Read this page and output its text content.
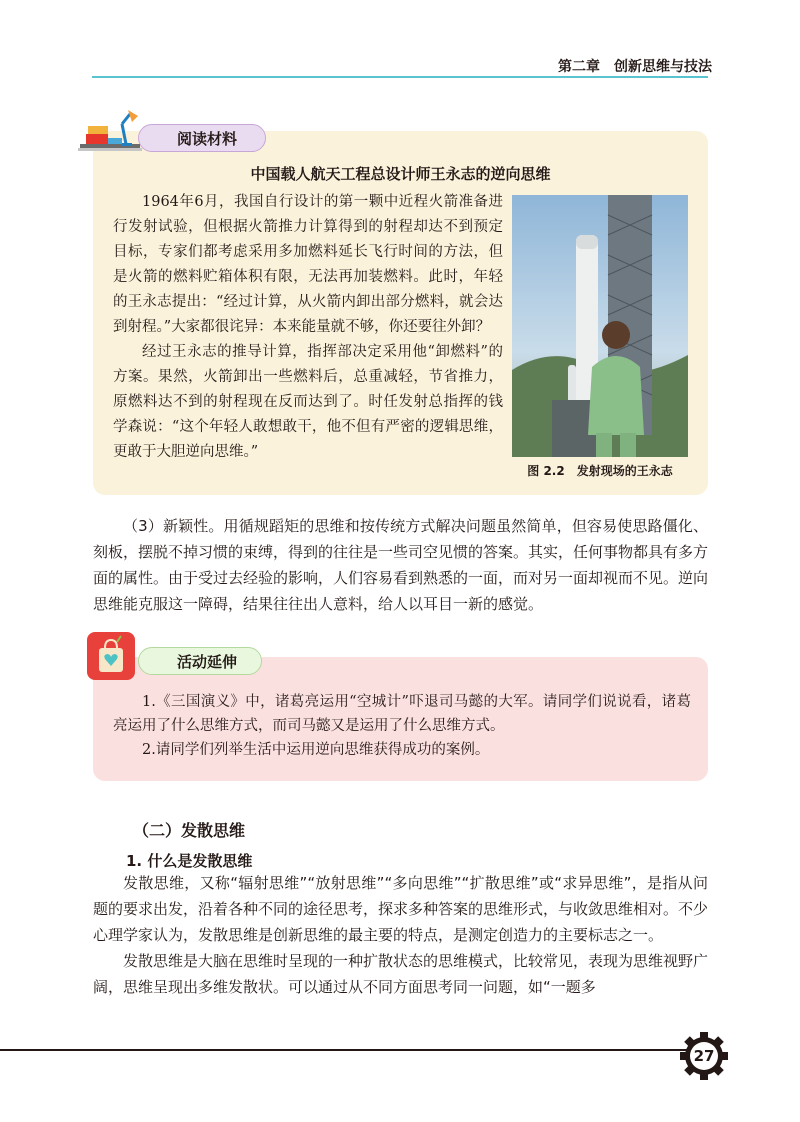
第二章　创新思维与技法
阅读材料
中国载人航天工程总设计师王永志的逆向思维

1964年6月，我国自行设计的第一颗中近程火箭准备进行发射试验，但根据火箭推力计算得到的射程却达不到预定目标，专家们都考虑采用多加燃料延长飞行时间的方法，但是火箭的燃料贮箱体积有限，无法再加装燃料。此时，年轻的王永志提出：“经过计算，从火箭内卸出部分燃料，就会达到射程。”大家都很诧异：本来能量就不够，你还要往外卸？

经过王永志的推导计算，指挥部决定采用他“卸燃料”的方案。果然，火箭卸出一些燃料后，总重减轻，节省推力，原燃料达不到的射程现在反而达到了。时任发射总指挥的钱学森说：“这个年轻人敢想敢干，他不但有严密的逻辑思维，更敢于大胆逆向思维。”

图 2.2　发射现场的王永志

（3）新颖性。用循规蹈矩的思维和按传统方式解决问题虽然简单，但容易使思路僵化、刻板，摆脱不掉习惯的束缚，得到的往往是一些司空见惯的答案。其实，任何事物都具有多方面的属性。由于受过去经验的影响，人们容易看到熟悉的一面，而对另一面却视而不见。逆向思维能克服这一障碍，结果往往出人意料，给人以耳目一新的感觉。

活动延伸

1.《三国演义》中，诸葛亮运用“空城计”吓退司马懿的大军。请同学们说说看，诸葛亮运用了什么思维方式，而司马懿又是运用了什么思维方式。

2.请同学们列举生活中运用逆向思维获得成功的案例。

（二）发散思维
1. 什么是发散思维

发散思维，又称“辐射思维”“放射思维”“多向思维”“扩散思维”或“求异思维”，是指从问题的要求出发，沿着各种不同的途径思考，探求多种答案的思维形式，与收敛思维相对。不少心理学家认为，发散思维是创新思维的最主要的特点，是测定创造力的主要标志之一。

发散思维是大脑在思维时呈现的一种扩散状态的思维模式，比较常见，表现为思维视野广阔，思维呈现出多维发散状。可以通过从不同方面思考同一问题，如“一题多

27
